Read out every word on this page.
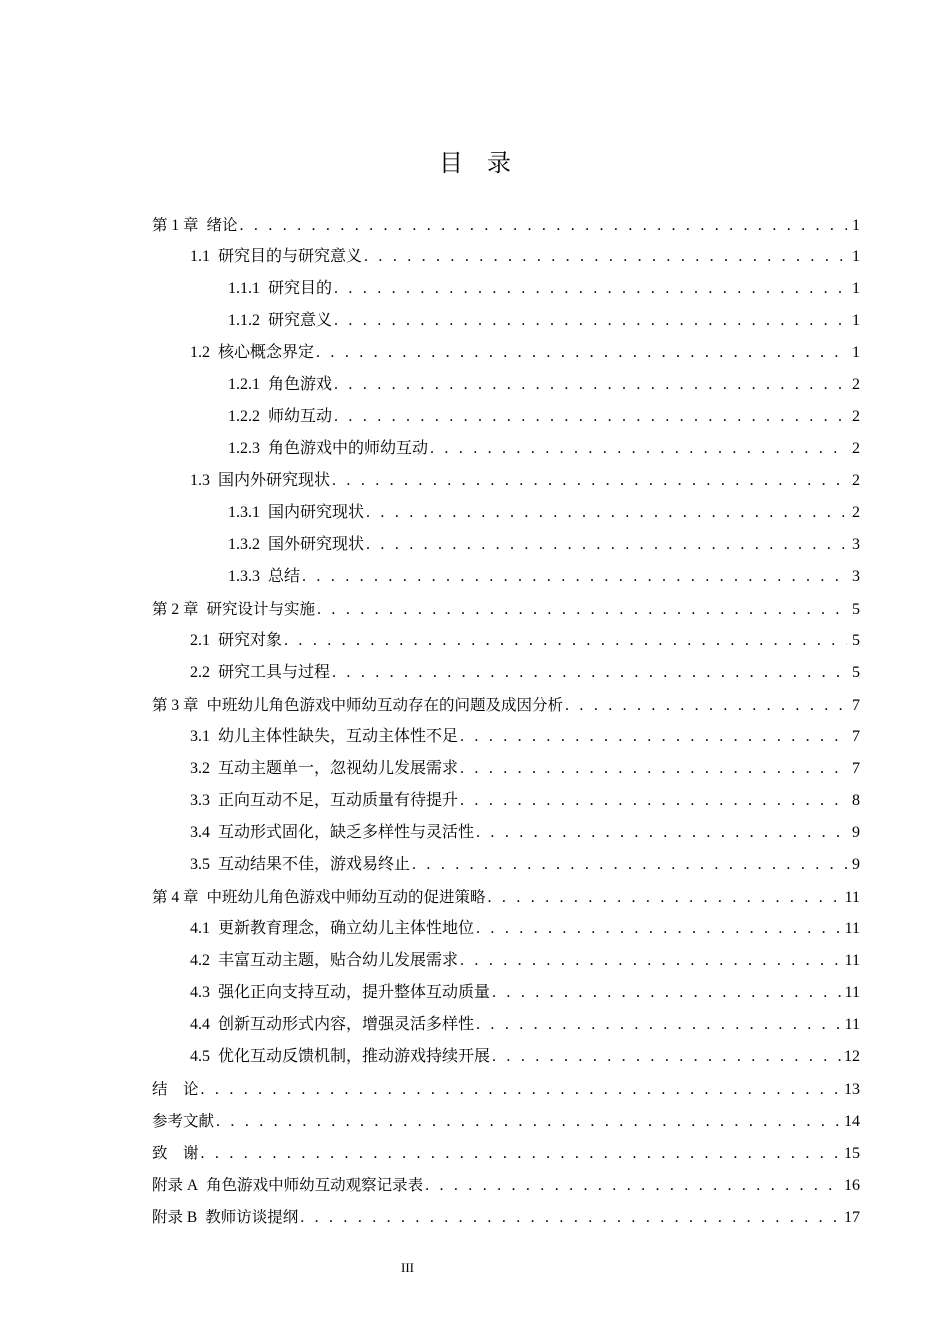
目录
第 1 章 绪论 . . .	1
1.1 研究目的与研究意义 . . .	1
1.1.1 研究目的 . . .	1
1.1.2 研究意义 . . .	1
1.2 核心概念界定 . . .	1
1.2.1 角色游戏 . . .	2
1.2.2 师幼互动 . . .	2
1.2.3 角色游戏中的师幼互动 . . .	2
1.3 国内外研究现状 . . .	2
1.3.1 国内研究现状 . . .	2
1.3.2 国外研究现状 . . .	3
1.3.3 总结 . . .	3
第 2 章 研究设计与实施 . . .	5
2.1 研究对象 . . .	5
2.2 研究工具与过程 . . .	5
第 3 章 中班幼儿角色游戏中师幼互动存在的问题及成因分析 . . .	7
3.1 幼儿主体性缺失，互动主体性不足 . . .	7
3.2 互动主题单一，忽视幼儿发展需求 . . .	7
3.3 正向互动不足，互动质量有待提升 . . .	8
3.4 互动形式固化，缺乏多样性与灵活性 . . .	9
3.5 互动结果不佳，游戏易终止 . . .	9
第 4 章 中班幼儿角色游戏中师幼互动的促进策略 . . .	11
4.1 更新教育理念，确立幼儿主体性地位 . . .	11
4.2 丰富互动主题，贴合幼儿发展需求 . . .	11
4.3 强化正向支持互动，提升整体互动质量 . . .	11
4.4 创新互动形式内容，增强灵活多样性 . . .	11
4.5 优化互动反馈机制，推动游戏持续开展 . . .	12
结　论 . . .	13
参考文献 . . .	14
致　谢 . . .	15
附录 A 角色游戏中师幼互动观察记录表 . . .	16
附录 B 教师访谈提纲 . . .	17
III
